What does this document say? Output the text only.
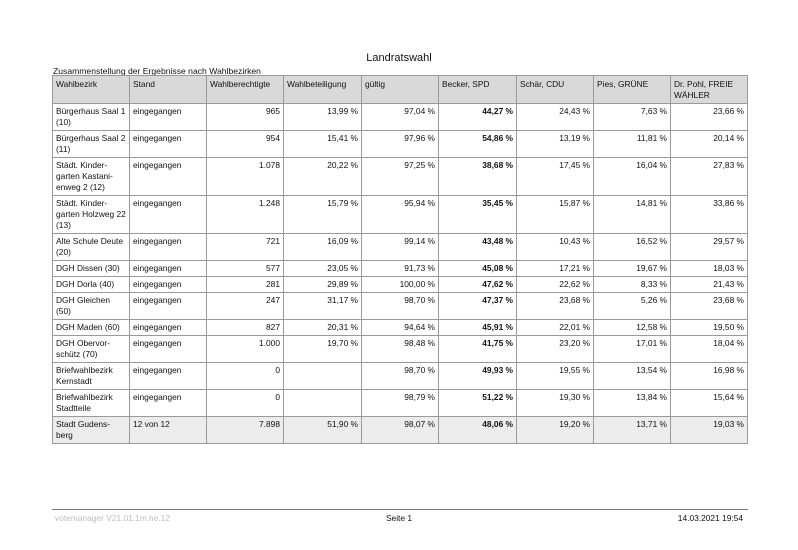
Landratswahl
Zusammenstellung der Ergebnisse nach Wahlbezirken
Wahlbezirk	Stand	Wahlberechtigte	Wahlbeteiligung	gültig	Becker, SPD	Schär, CDU	Pies, GRÜNE	Dr. Pohl, FREIE WÄHLER
Bürgerhaus Saal 1 (10)	eingegangen	965	13,99 %	97,04 %	44,27 %	24,43 %	7,63 %	23,66 %
Bürgerhaus Saal 2 (11)	eingegangen	954	15,41 %	97,96 %	54,86 %	13,19 %	11,81 %	20,14 %
Städt. Kinder-garten Kastani-enweg 2 (12)	eingegangen	1.078	20,22 %	97,25 %	38,68 %	17,45 %	16,04 %	27,83 %
Städt. Kinder-garten Holzweg 22 (13)	eingegangen	1.248	15,79 %	95,94 %	35,45 %	15,87 %	14,81 %	33,86 %
Alte Schule Deute (20)	eingegangen	721	16,09 %	99,14 %	43,48 %	10,43 %	16,52 %	29,57 %
DGH Dissen (30)	eingegangen	577	23,05 %	91,73 %	45,08 %	17,21 %	19,67 %	18,03 %
DGH Dorla (40)	eingegangen	281	29,89 %	100,00 %	47,62 %	22,62 %	8,33 %	21,43 %
DGH Gleichen (50)	eingegangen	247	31,17 %	98,70 %	47,37 %	23,68 %	5,26 %	23,68 %
DGH Maden (60)	eingegangen	827	20,31 %	94,64 %	45,91 %	22,01 %	12,58 %	19,50 %
DGH Obervor-schütz (70)	eingegangen	1.000	19,70 %	98,48 %	41,75 %	23,20 %	17,01 %	18,04 %
Briefwahlbezirk Kernstadt	eingegangen	0		98,70 %	49,93 %	19,55 %	13,54 %	16,98 %
Briefwahlbezirk Stadtteile	eingegangen	0		98,79 %	51,22 %	19,30 %	13,84 %	15,64 %
Stadt Gudens-berg	12 von 12	7.898	51,90 %	98,07 %	48,06 %	19,20 %	13,71 %	19,03 %
votemanager V21.01.1m.he.12	Seite 1	14.03.2021 19:54
